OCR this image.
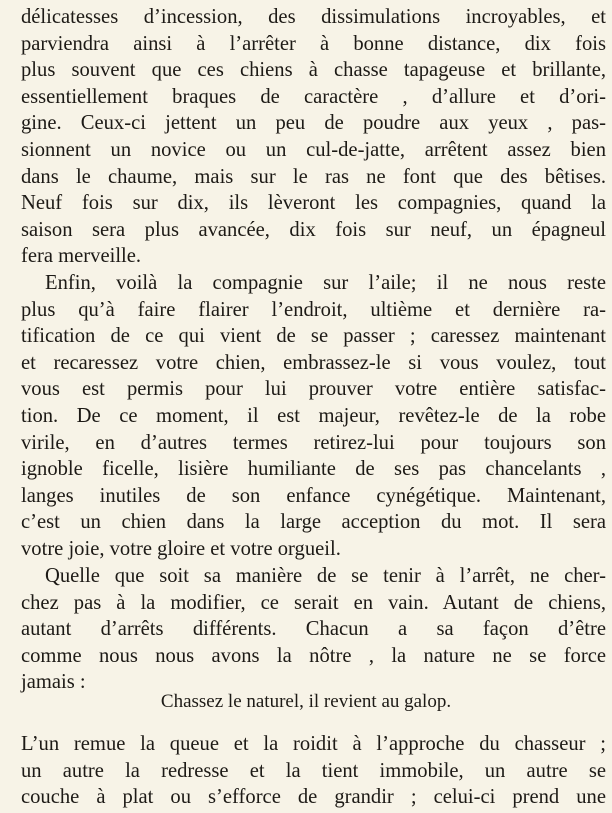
délicatesses d’incession, des dissimulations incroyables, et
parviendra ainsi à l’arrêter à bonne distance, dix fois
plus souvent que ces chiens à chasse tapageuse et brillante,
essentiellement braques de caractère , d’allure et d’ori-
gine. Ceux-ci jettent un peu de poudre aux yeux , pas-
sionnent un novice ou un cul-de-jatte, arrêtent assez bien
dans le chaume, mais sur le ras ne font que des bêtises.
Neuf fois sur dix, ils lèveront les compagnies, quand la
saison sera plus avancée, dix fois sur neuf, un épagneul
fera merveille.
Enfin, voilà la compagnie sur l’aile; il ne nous reste
plus qu’à faire flairer l’endroit, ultième et dernière ra-
tification de ce qui vient de se passer ; caressez maintenant
et recaressez votre chien, embrassez-le si vous voulez, tout
vous est permis pour lui prouver votre entière satisfac-
tion. De ce moment, il est majeur, revêtez-le de la robe
virile, en d’autres termes retirez-lui pour toujours son
ignoble ficelle, lisière humiliante de ses pas chancelants ,
langes inutiles de son enfance cynégétique. Maintenant,
c’est un chien dans la large acception du mot. Il sera
votre joie, votre gloire et votre orgueil.
Quelle que soit sa manière de se tenir à l’arrêt, ne cher-
chez pas à la modifier, ce serait en vain. Autant de chiens,
autant d’arrêts différents. Chacun a sa façon d’être
comme nous nous avons la nôtre , la nature ne se force
jamais :
Chassez le naturel, il revient au galop.
L’un remue la queue et la roidit à l’approche du chasseur ;
un autre la redresse et la tient immobile, un autre se
couche à plat ou s’efforce de grandir ; celui-ci prend une
